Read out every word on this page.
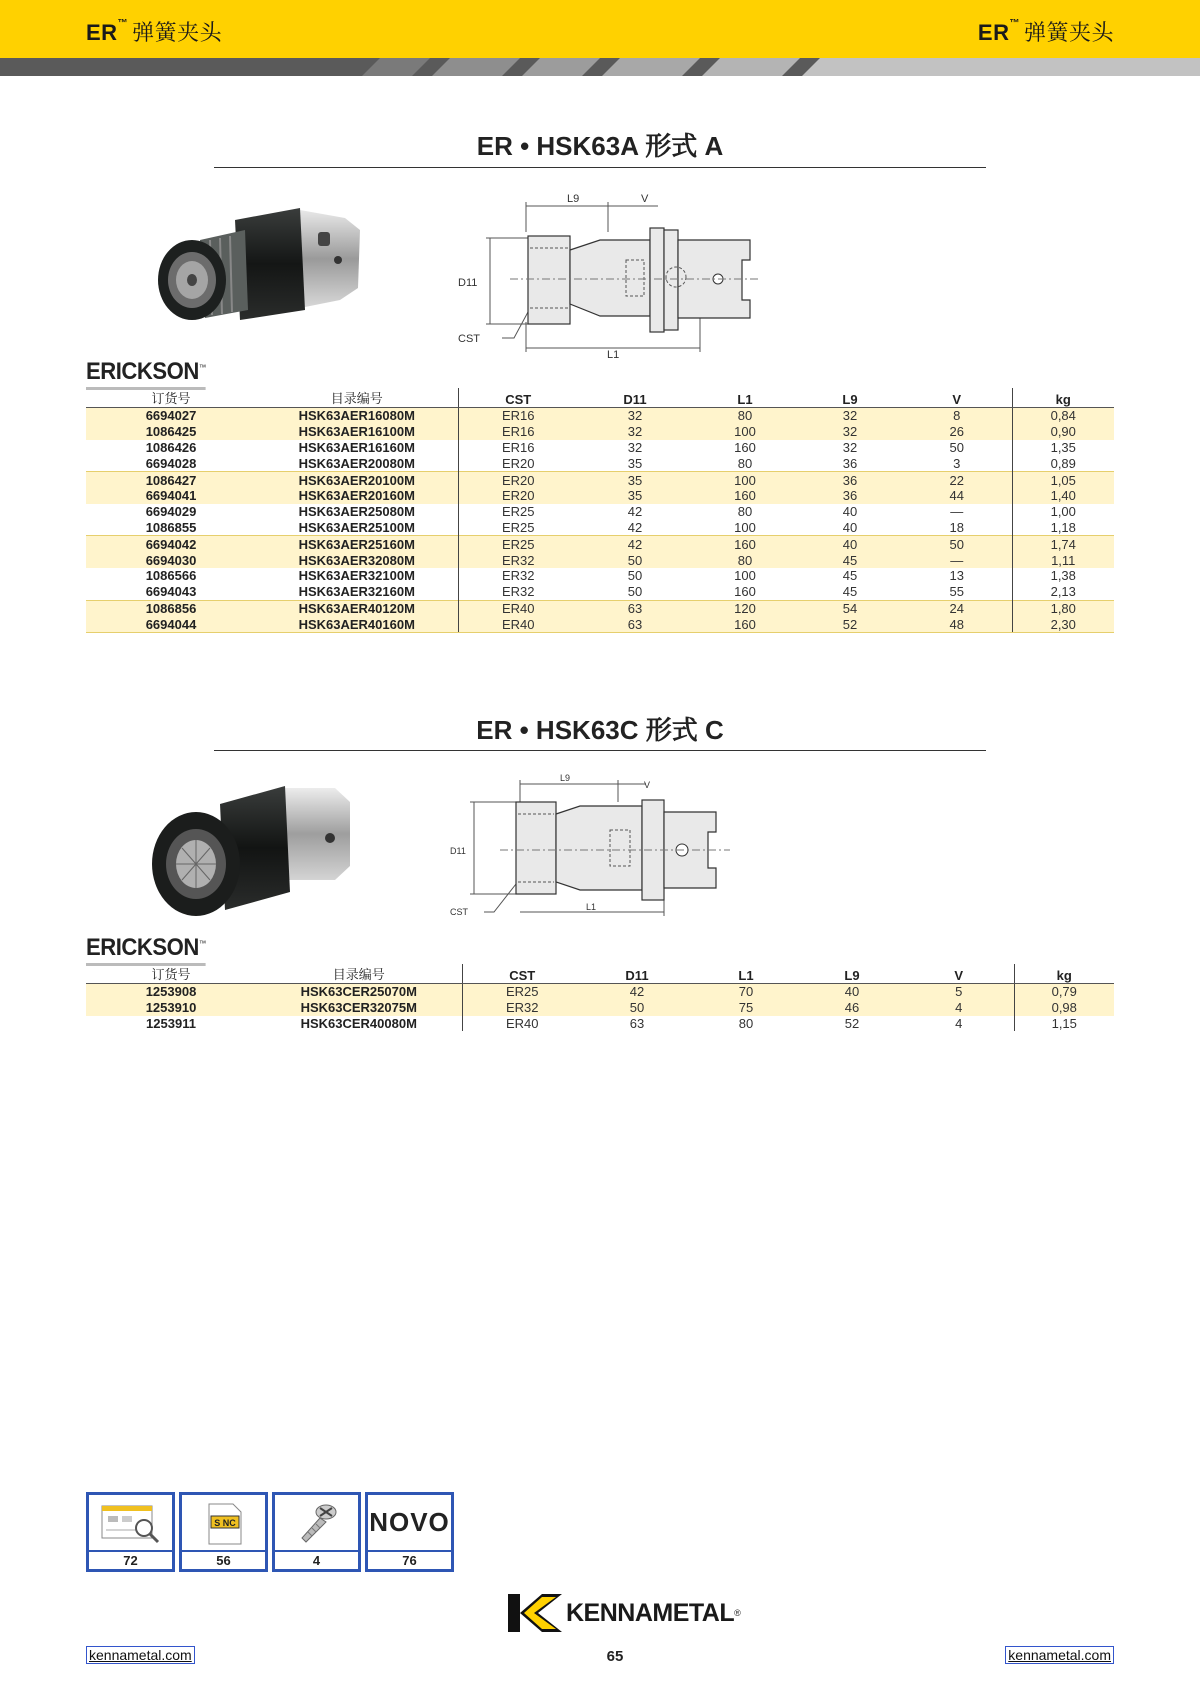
ER™ 弹簧夹头	ER™ 弹簧夹头
ER • HSK63A 形式 A
L9	V
D11
CST
L1
ERICKSON™
订货号	目录编号	CST	D11	L1	L9	V	kg
6694027	HSK63AER16080M	ER16	32	80	32	8	0,84
1086425	HSK63AER16100M	ER16	32	100	32	26	0,90
1086426	HSK63AER16160M	ER16	32	160	32	50	1,35
6694028	HSK63AER20080M	ER20	35	80	36	3	0,89
1086427	HSK63AER20100M	ER20	35	100	36	22	1,05
6694041	HSK63AER20160M	ER20	35	160	36	44	1,40
6694029	HSK63AER25080M	ER25	42	80	40	—	1,00
1086855	HSK63AER25100M	ER25	42	100	40	18	1,18
6694042	HSK63AER25160M	ER25	42	160	40	50	1,74
6694030	HSK63AER32080M	ER32	50	80	45	—	1,11
1086566	HSK63AER32100M	ER32	50	100	45	13	1,38
6694043	HSK63AER32160M	ER32	50	160	45	55	2,13
1086856	HSK63AER40120M	ER40	63	120	54	24	1,80
6694044	HSK63AER40160M	ER40	63	160	52	48	2,30
ER • HSK63C 形式 C
L9
V
D11
CST	L1
ERICKSON™
订货号	目录编号	CST	D11	L1	L9	V	kg
1253908	HSK63CER25070M	ER25	42	70	40	5	0,79
1253910	HSK63CER32075M	ER32	50	75	46	4	0,98
1253911	HSK63CER40080M	ER40	63	80	52	4	1,15
72
S NC
56	4
NOVO
76
KENNAMETAL ®
kennametal.com	65	kennametal.com
